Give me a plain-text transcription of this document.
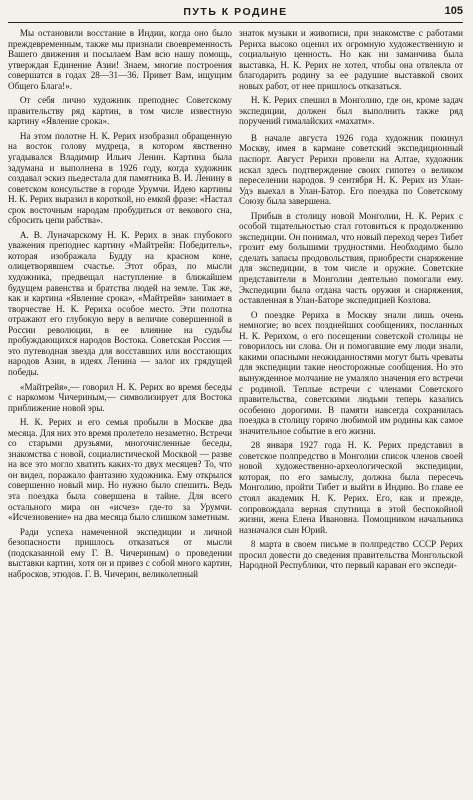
ПУТЬ К РОДИНЕ	105

Мы остановили восстание в Индии, когда оно было преждевременным, также мы признали своевременность Вашего движения и посылаем Вам всю нашу помощь, утверждая Единение Азии! Знаем, многие построения совершатся в годах 28—31—36. Привет Вам, ищущим Общего Блага!».

От себя лично художник преподнес Советскому правительству ряд картин, в том числе известную картину «Явление срока».

На этом полотне Н. К. Рерих изобразил обращенную на восток голову мудреца, в котором явственно угадывался Владимир Ильич Ленин. Картина была задумана и выполнена в 1926 году, когда художник создавал эскиз пьедестала для памятника В. И. Ленину в советском консульстве в городе Урумчи. Идею картины Н. К. Рерих выразил в короткой, но емкой фразе: «Настал срок восточным народам пробудиться от векового сна, сбросить цепи рабства».

А. В. Луначарскому Н. К. Рерих в знак глубокого уважения преподнес картину «Майтрейя: Победитель», которая изображала Будду на красном коне, олицетворявшем счастье. Этот образ, по мысли художника, предвещал наступление в ближайшем будущем равенства и братства людей на земле. Так же, как и картина «Явление срока», «Майтрейя» занимает в творчестве Н. К. Рериха особое место. Эти полотна отражают его глубокую веру в величие совершенной в России революции, в ее влияние на судьбы пробуждающихся народов Востока. Советская Россия — это путеводная звезда для восставших или восстающих народов Азии, в идеях Ленина — залог их грядущей победы.

«Майтрейя»,— говорил Н. К. Рерих во время беседы с наркомом Чичериным,— символизирует для Востока приближение новой эры.

Н. К. Рерих и его семья пробыли в Москве два месяца. Для них это время пролетело незаметно. Встречи со старыми друзьями, многочисленные беседы, знакомства с новой, социалистической Москвой — разве на все это могло хватить каких-то двух месяцев? То, что он видел, поражало фантазию художника. Ему открылся совершенно новый мир. Но нужно было спешить. Ведь эта поездка была совершена в тайне. Для всего остального мира он «исчез» где-то за Урумчи. «Исчезновение» на два месяца было слишком заметным.

Ради успеха намеченной экспедиции и личной безопасности пришлось отказаться от мысли (подсказанной ему Г. В. Чичериным) о проведении выставки картин, хотя он и привез с собой много картин, набросков, этюдов. Г. В. Чичерин, великолепный

знаток музыки и живописи, при знакомстве с работами Рериха высоко оценил их огромную художественную и социальную ценность. Но как ни заманчива была выставка, Н. К. Рерих не хотел, чтобы она отвлекла от благодарить родину за ее радушие выставкой своих новых работ, от нее пришлось отказаться.

Н. К. Рерих спешил в Монголию, где он, кроме задач экспедиции, должен был выполнить также ряд поручений гималайских «махатм».

В начале августа 1926 года художник покинул Москву, имея в кармане советский экспедиционный паспорт. Август Рерихи провели на Алтае, художник искал здесь подтверждение своих гипотез о великом переселении народов. 9 сентября Н. К. Рерих из Улан-Удэ выехал в Улан-Батор. Его поездка по Советскому Союзу была завершена.

Прибыв в столицу новой Монголии, Н. К. Рерих с особой тщательностью стал готовиться к продолжению экспедиции. Он понимал, что новый переход через Тибет грозит ему большими трудностями. Необходимо было сделать запасы продовольствия, приобрести снаряжение для экспедиции, в том числе и оружие. Советские представители в Монголии деятельно помогали ему. Экспедиции была отдана часть оружия и снаряжения, оставленная в Улан-Баторе экспедицией Козлова.

О поездке Рериха в Москву знали лишь очень немногие; во всех позднейших сообщениях, посланных Н. К. Рерихом, о его посещении советской столицы не говорилось ни слова. Он и помогавшие ему люди знали, какими опасными неожиданностями могут быть чреваты для экспедиции такие неосторожные сообщения. Но это вынужденное молчание не умаляло значения его встречи с родиной. Теплые встречи с членами Советского правительства, советскими людьми теперь казались особенно дорогими. В памяти навсегда сохранилась поездка в столицу горячо любимой им родины как самое значительное событие в его жизни.

28 января 1927 года Н. К. Рерих представил в советское полпредство в Монголии список членов своей новой художественно-археологической экспедиции, которая, по его замыслу, должна была пересечь Монголию, пройти Тибет и выйти в Индию. Во главе ее стоял академик Н. К. Рерих. Его, как и прежде, сопровождала верная спутница в этой беспокойной жизни, жена Елена Ивановна. Помощником начальника назначался сын Юрий.

8 марта в своем письме в полпредство СССР Рерих просил довести до сведения правительства Монгольской Народной Республики, что первый караван его экспеди-
